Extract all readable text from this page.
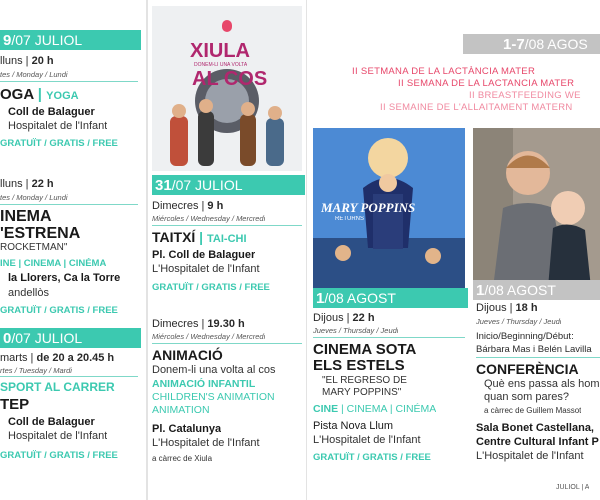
9/07 JULIOL
lluns | 20 h
tes / Monday / Lundi
OGA | YOGA
Coll de Balaguer
Hospitalet de l'Infant
GRATUÏT / GRATIS / FREE
lluns | 22 h
tes / Monday / Lundi
INEMA
'ESTRENA
ROCKETMAN"
INE | CINEMA | CINÉMA
la Llorers, Ca la Torre
andellòs
GRATUÏT / GRATIS / FREE
0/07 JULIOL
marts | de 20 a 20.45 h
rtes / Tuesday / Mardi
SPORT AL CARRER
TEP
Coll de Balaguer
Hospitalet de l'Infant
GRATUÏT / GRATIS / FREE
XIULA
DONEM-LI UNA VOLTA
AL COS
31/07 JULIOL
Dimecres | 9 h
Miércoles / Wednesday / Mercredi
TAITXÍ | TAI-CHI
Pl. Coll de Balaguer
L'Hospitalet de l'Infant
GRATUÏT / GRATIS / FREE
Dimecres | 19.30 h
Miércoles / Wednesday / Mercredi
ANIMACIÓ
Donem-li una volta al cos
ANIMACIÓ INFANTIL
CHILDREN'S ANIMATION
ANIMATION
Pl. Catalunya
L'Hospitalet de l'Infant
a càrrec de Xiula
1-7/08 AGOS
II SETMANA DE LA LACTÀNCIA MATER
II SEMANA DE LA LACTANCIA MATER
II BREASTFEEDING WE
II SEMAINE DE L'ALLAITAMENT MATERN
MARY POPPINS
RETURNS
1/08 AGOST
Dijous | 22 h
Jueves / Thursday / Jeudi
CINEMA SOTA
ELS ESTELS
"EL REGRESO DE
MARY POPPINS"
CINE | CINEMA | CINÉMA
Pista Nova Llum
L'Hospitalet de l'Infant
GRATUÏT / GRATIS / FREE
1/08 AGOST
Dijous | 18 h
Jueves / Thursday / Jeudi
Inicio/Beginning/Début:
Bárbara Mas i Belén Lavilla
CONFERÈNCIA
Què ens passa als hom
quan som pares?
a càrrec de Guillem Massot
Sala Bonet Castellana,
Centre Cultural Infant P
L'Hospitalet de l'Infant
JULIOL | A
